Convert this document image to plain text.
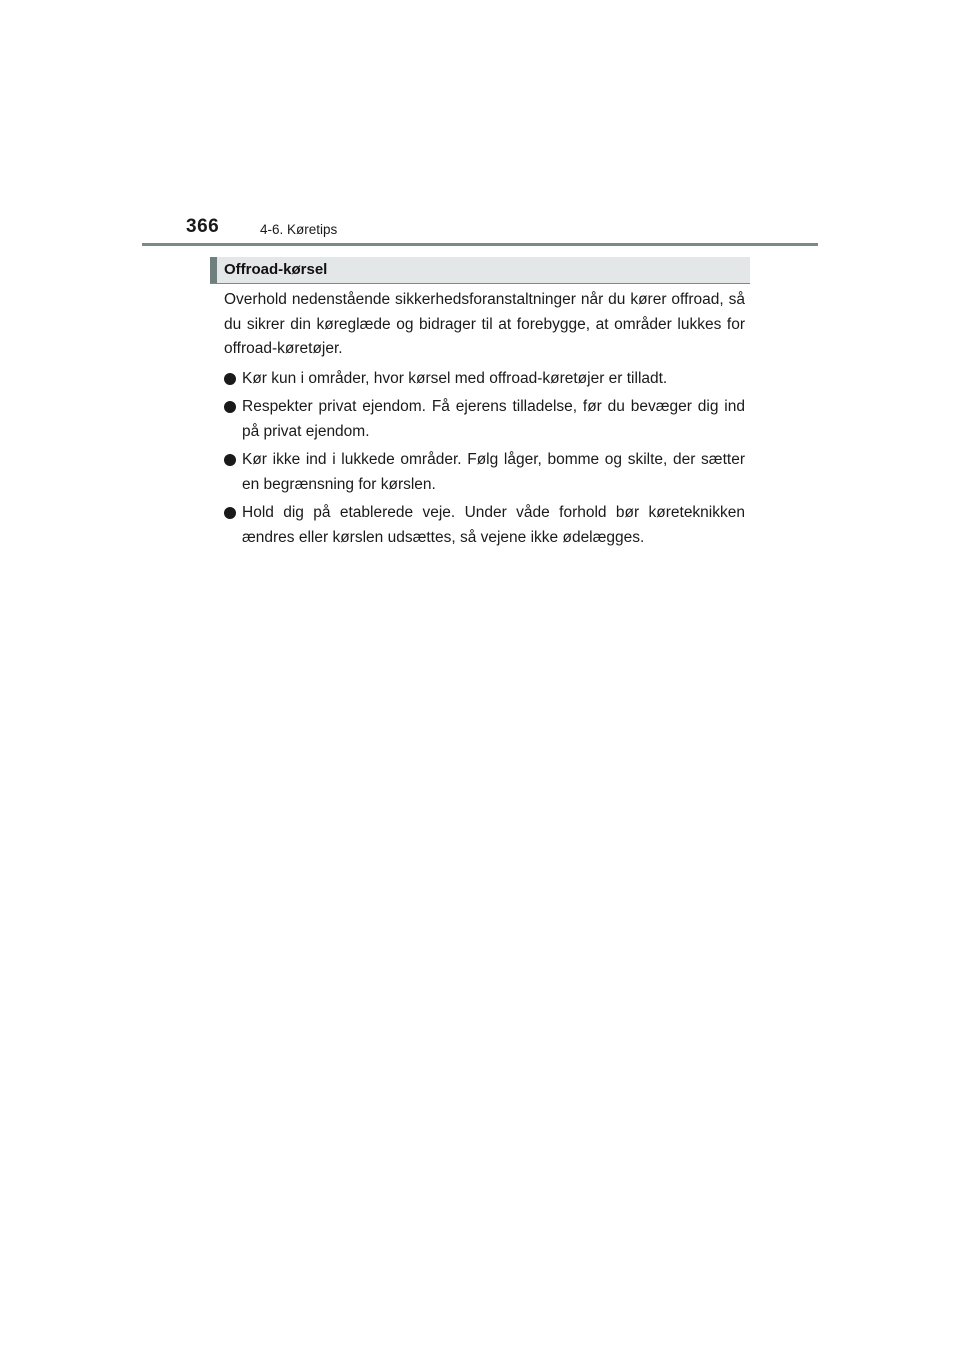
366	4-6. Køretips
Offroad-kørsel

Overhold nedenstående sikkerhedsforanstaltninger når du kører offroad, så du sikrer din køreglæde og bidrager til at forebygge, at områder lukkes for offroad-køretøjer.

Kør kun i områder, hvor kørsel med offroad-køretøjer er tilladt.
Respekter privat ejendom. Få ejerens tilladelse, før du bevæger dig ind på privat ejendom.
Kør ikke ind i lukkede områder. Følg låger, bomme og skilte, der sætter en begrænsning for kørslen.
Hold dig på etablerede veje. Under våde forhold bør køreteknikken ændres eller kørslen udsættes, så vejene ikke ødelægges.
